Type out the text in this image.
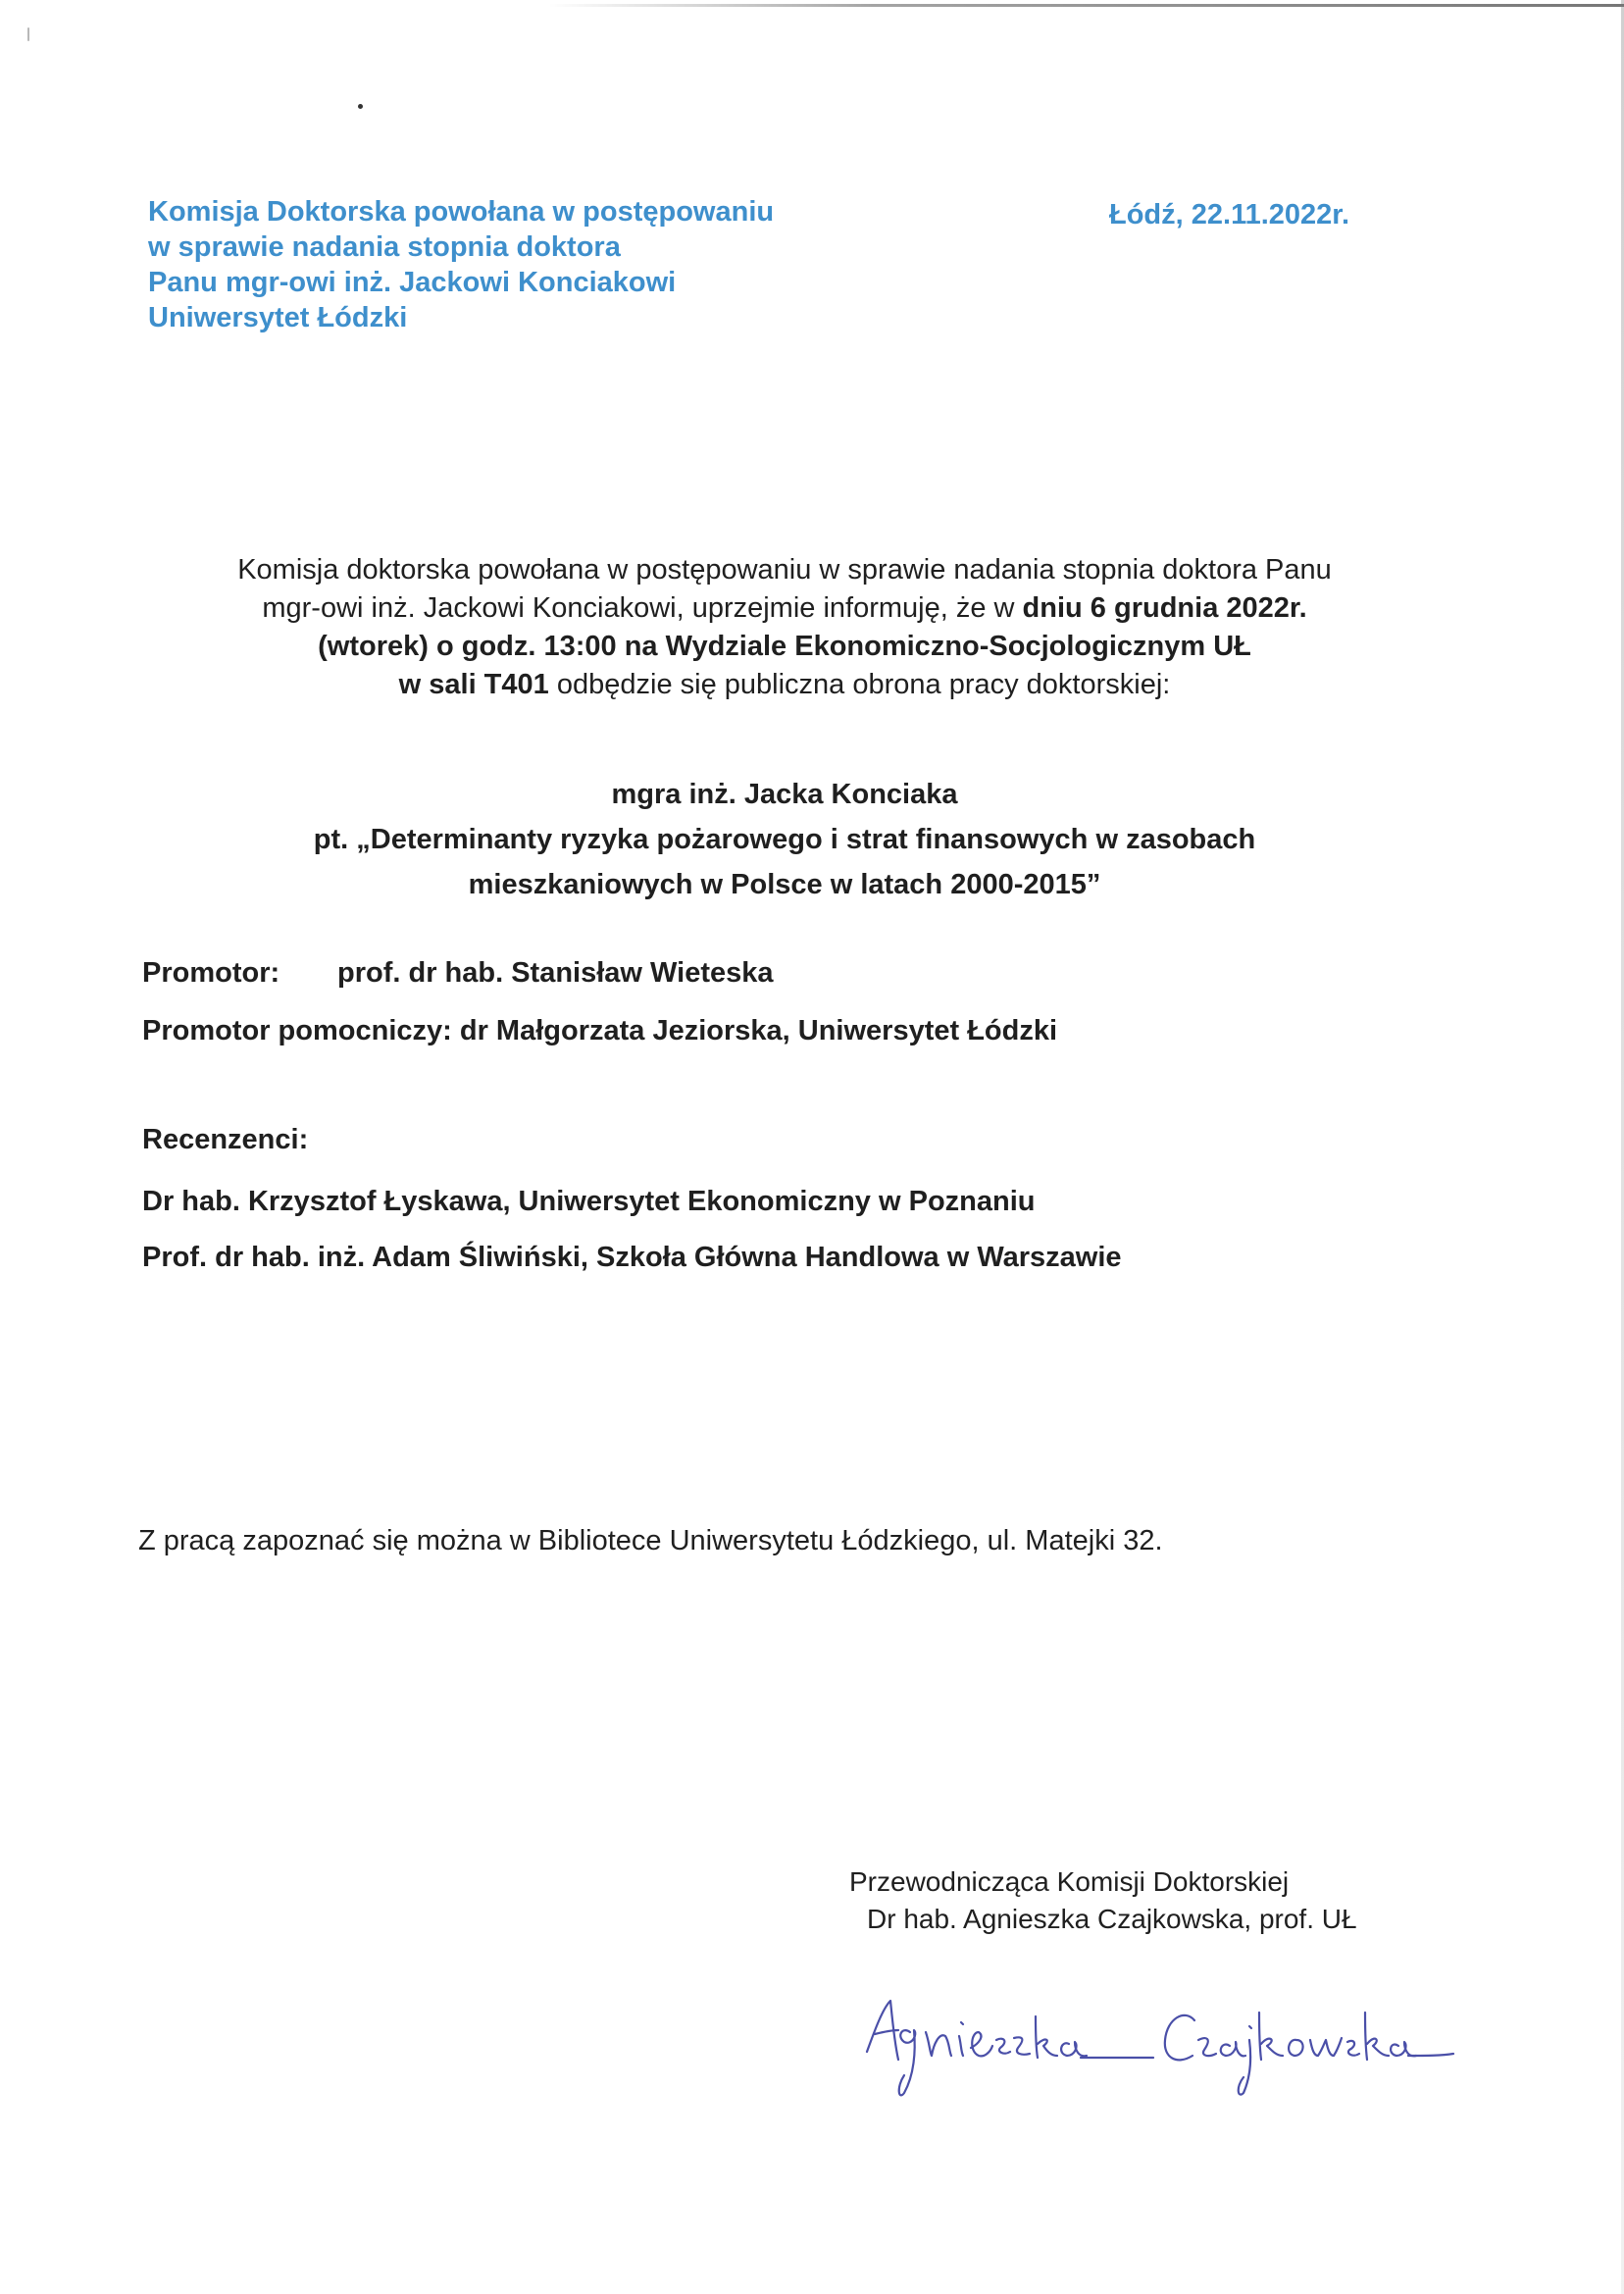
Komisja Doktorska powołana w postępowaniu
w sprawie nadania stopnia doktora
Panu mgr-owi inż. Jackowi Konciakowi
Uniwersytet Łódzki
Łódź, 22.11.2022r.
Komisja doktorska powołana w postępowaniu w sprawie nadania stopnia doktora Panu
mgr-owi inż. Jackowi Konciakowi, uprzejmie informuję, że w dniu 6 grudnia 2022r.
(wtorek) o godz. 13:00 na Wydziale Ekonomiczno-Socjologicznym UŁ
w sali T401 odbędzie się publiczna obrona pracy doktorskiej:
mgra inż. Jacka Konciaka
pt. „Determinanty ryzyka pożarowego i strat finansowych w zasobach
mieszkaniowych w Polsce w latach 2000-2015”
Promotor: prof. dr hab. Stanisław Wieteska
Promotor pomocniczy: dr Małgorzata Jeziorska, Uniwersytet Łódzki
Recenzenci:
Dr hab. Krzysztof Łyskawa, Uniwersytet Ekonomiczny w Poznaniu
Prof. dr hab. inż. Adam Śliwiński, Szkoła Główna Handlowa w Warszawie
Z pracą zapoznać się można w Bibliotece Uniwersytetu Łódzkiego, ul. Matejki 32.
Przewodnicząca Komisji Doktorskiej
Dr hab. Agnieszka Czajkowska, prof. UŁ
